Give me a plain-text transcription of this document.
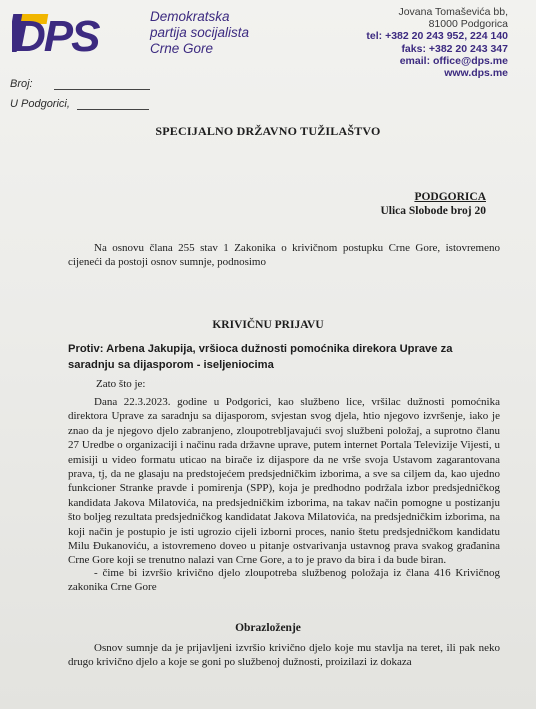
DPS	Demokratska
partija socijalista
Crne Gore
Jovana Tomaševića bb,
81000 Podgorica
tel: +382 20 243 952, 224 140
faks: +382 20 243 347
email: office@dps.me
www.dps.me
Broj:
U Podgorici,
SPECIJALNO DRŽAVNO TUŽILAŠTVO
PODGORICA
Ulica Slobode broj 20
Na osnovu člana 255 stav 1 Zakonika o krivičnom postupku Crne Gore, istovremeno cijeneći da postoji osnov sumnje, podnosimo
KRIVIČNU PRIJAVU
Protiv: Arbena Jakupija, vršioca dužnosti pomoćnika direkora Uprave za saradnju sa dijasporom - iseljeniocima
Zato što je:
Dana 22.3.2023. godine u Podgorici, kao službeno lice, vršilac dužnosti pomoćnika direktora Uprave za saradnju sa dijasporom, svjestan svog djela, htio njegovo izvršenje, iako je znao da je njegovo djelo zabranjeno, zloupotrebljavajući svoj službeni položaj, a suprotno članu 27 Uredbe o organizaciji i načinu rada državne uprave, putem internet Portala Televizije Vijesti, u emisiji u video formatu uticao na birače iz dijaspore da ne vrše svoja Ustavom zagarantovana prava, tj, da ne glasaju na predstojećem predsjedničkim izborima, a sve sa ciljem da, kao ujedno funkcioner Stranke pravde i pomirenja (SPP), koja je predhodno podržala izbor predsjedničkog kandidata Jakova Milatovića, na predsjedničkim izborima, na takav način pomogne u postizanju što boljeg rezultata predsjedničkog kandidatat Jakova Milatovića, na predsjedničkim izborima, na koji način je postupio je isti ugrozio cijeli izborni proces, nanio štetu predsjedničkom kandidatu Milu Đukanoviću, a istovremeno doveo u pitanje ostvarivanja ustavnog prava svakog građanina Crne Gore koji se trenutno nalazi van Crne Gore, a to je pravo da bira i da bude biran.
- čime bi izvršio krivično djelo zloupotreba službenog položaja iz člana 416 Krivičnog zakonika Crne Gore
Obrazloženje
Osnov sumnje da je prijavljeni izvršio krivično djelo koje mu stavlja na teret, ili pak neko drugo krivično djelo a koje se goni po službenoj dužnosti, proizilazi iz dokaza
